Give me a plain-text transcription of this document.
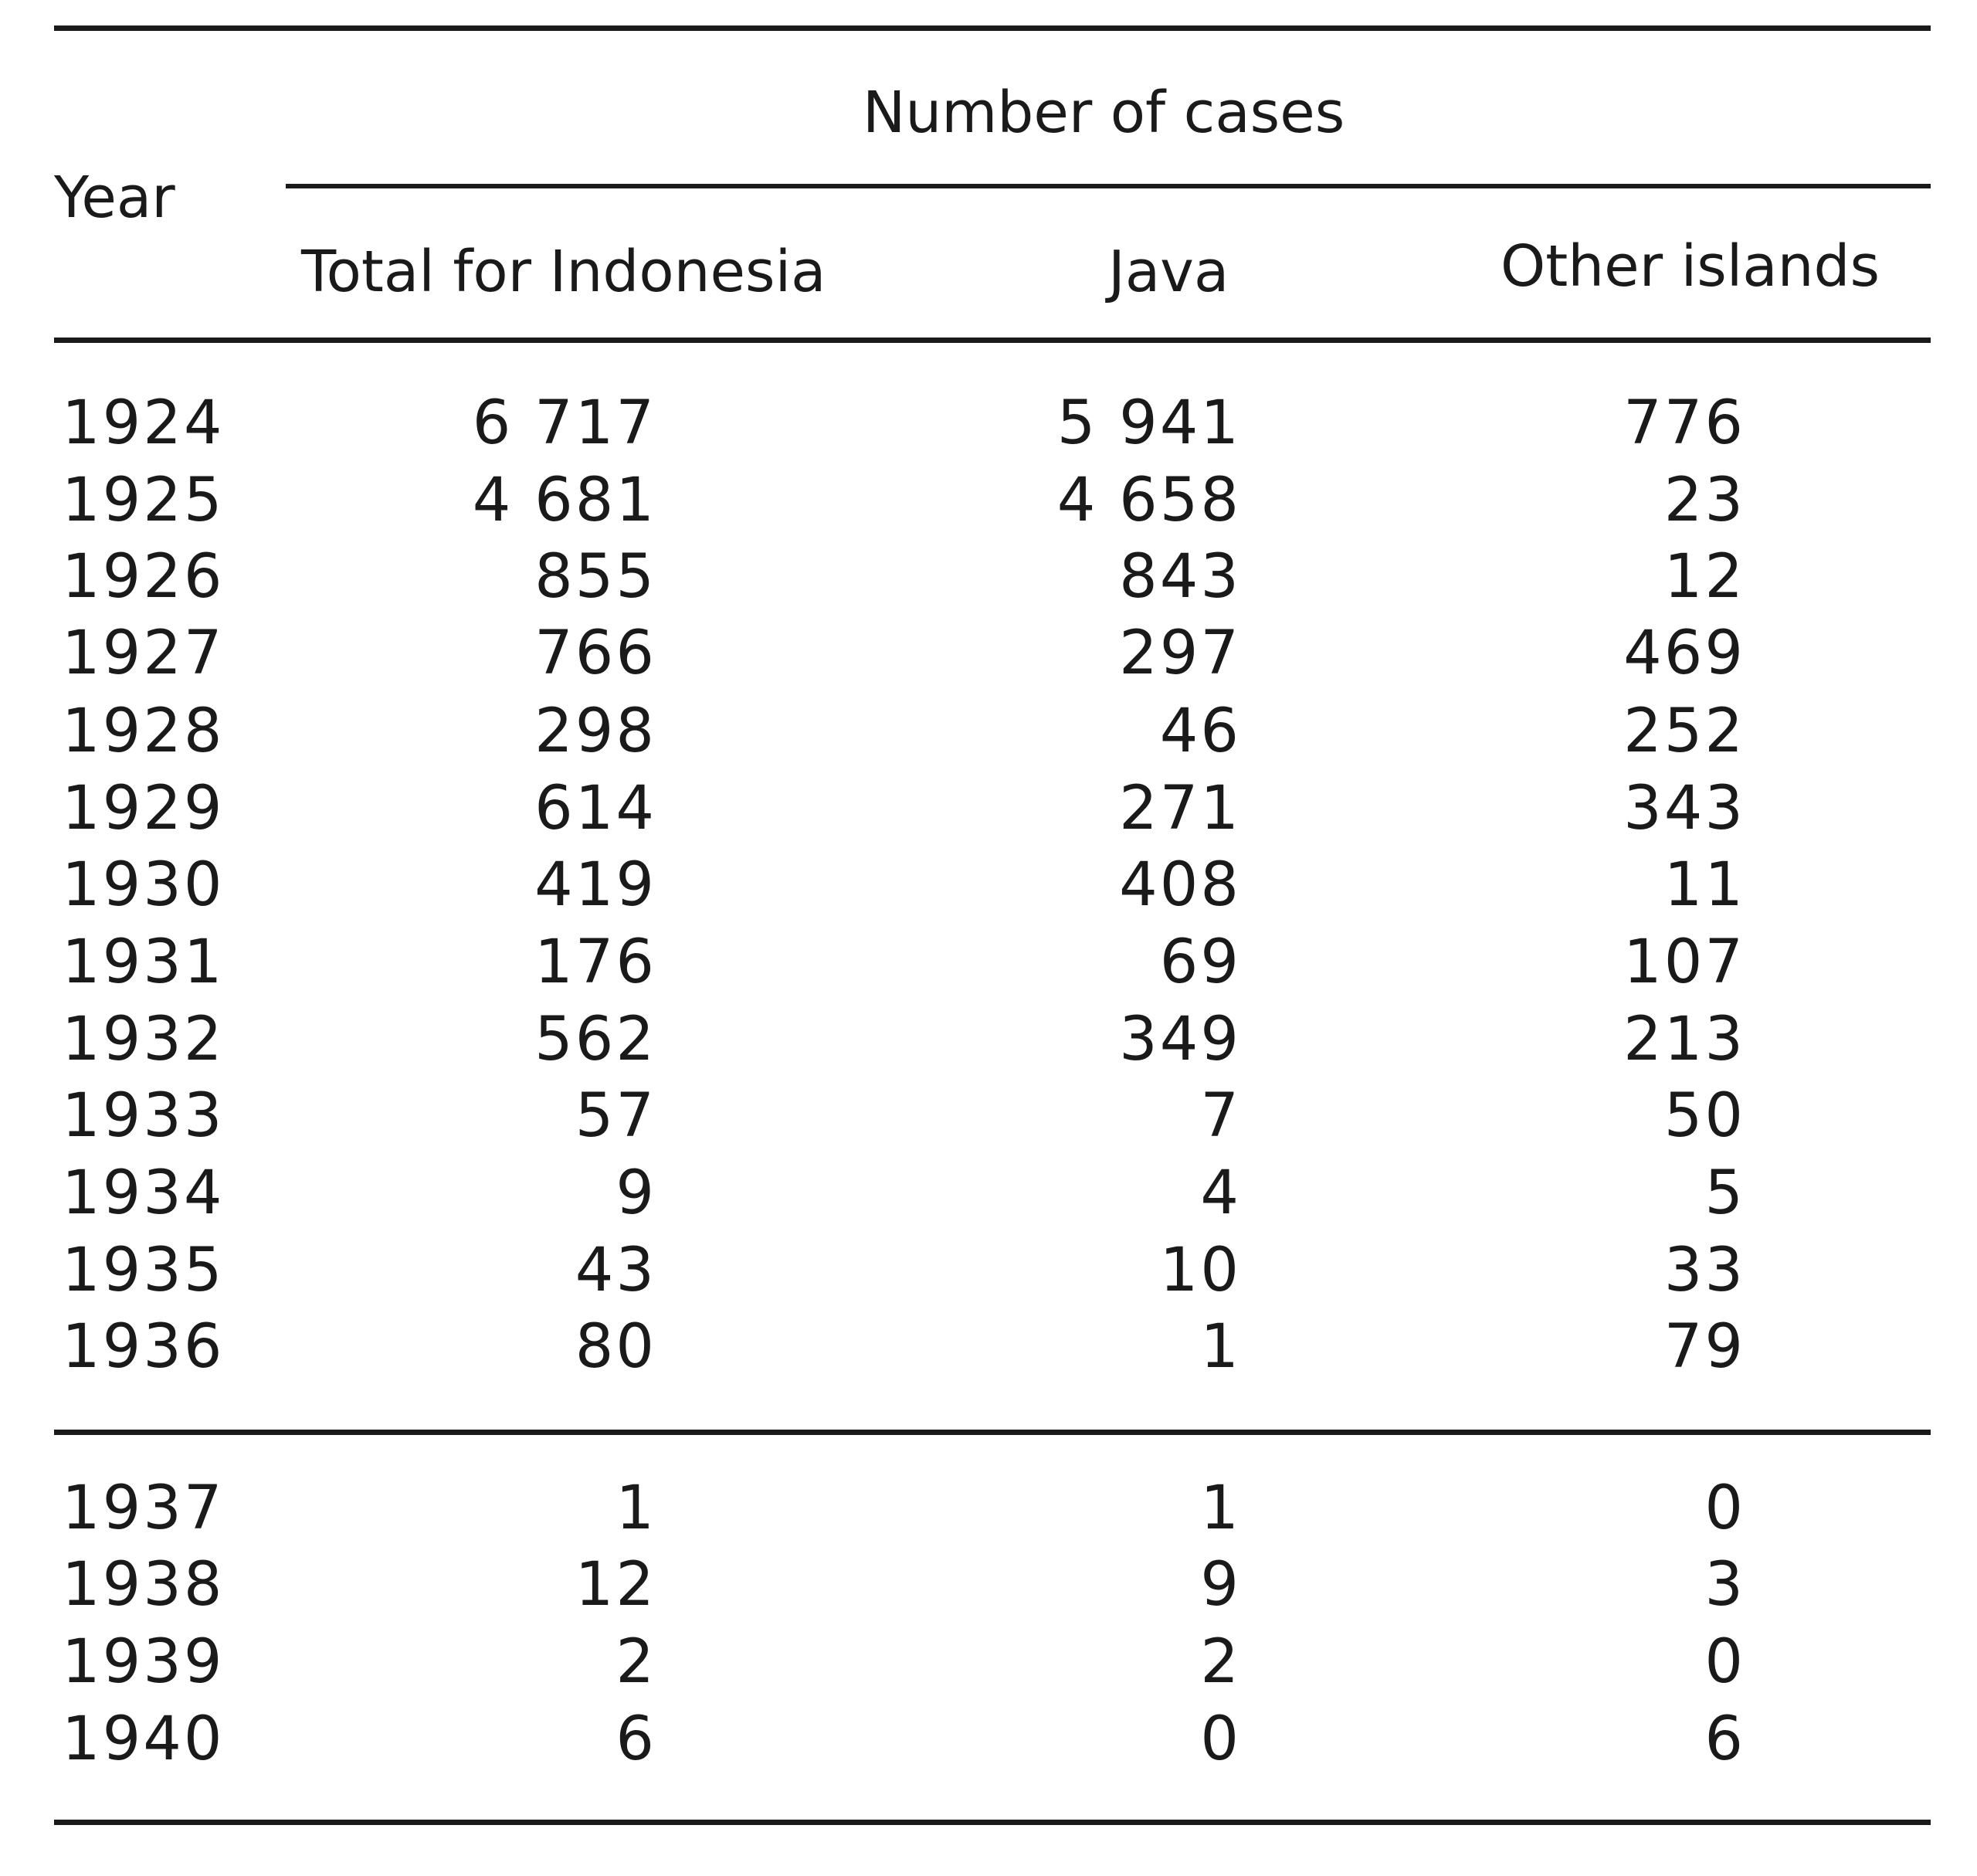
Year
Number of cases
Total for Indonesia	Java	Other islands
1924	6 717	5 941	776
1925	4 681	4 658	23
1926	855	843	12
1927	766	297	469
1928	298	46	252
1929	614	271	343
1930	419	408	11
1931	176	69	107
1932	562	349	213
1933	57	7	50
1934	9	4	5
1935	43	10	33
1936	80	1	79
1937	1	1	0
1938	12	9	3
1939	2	2	0
1940	6	0	6
